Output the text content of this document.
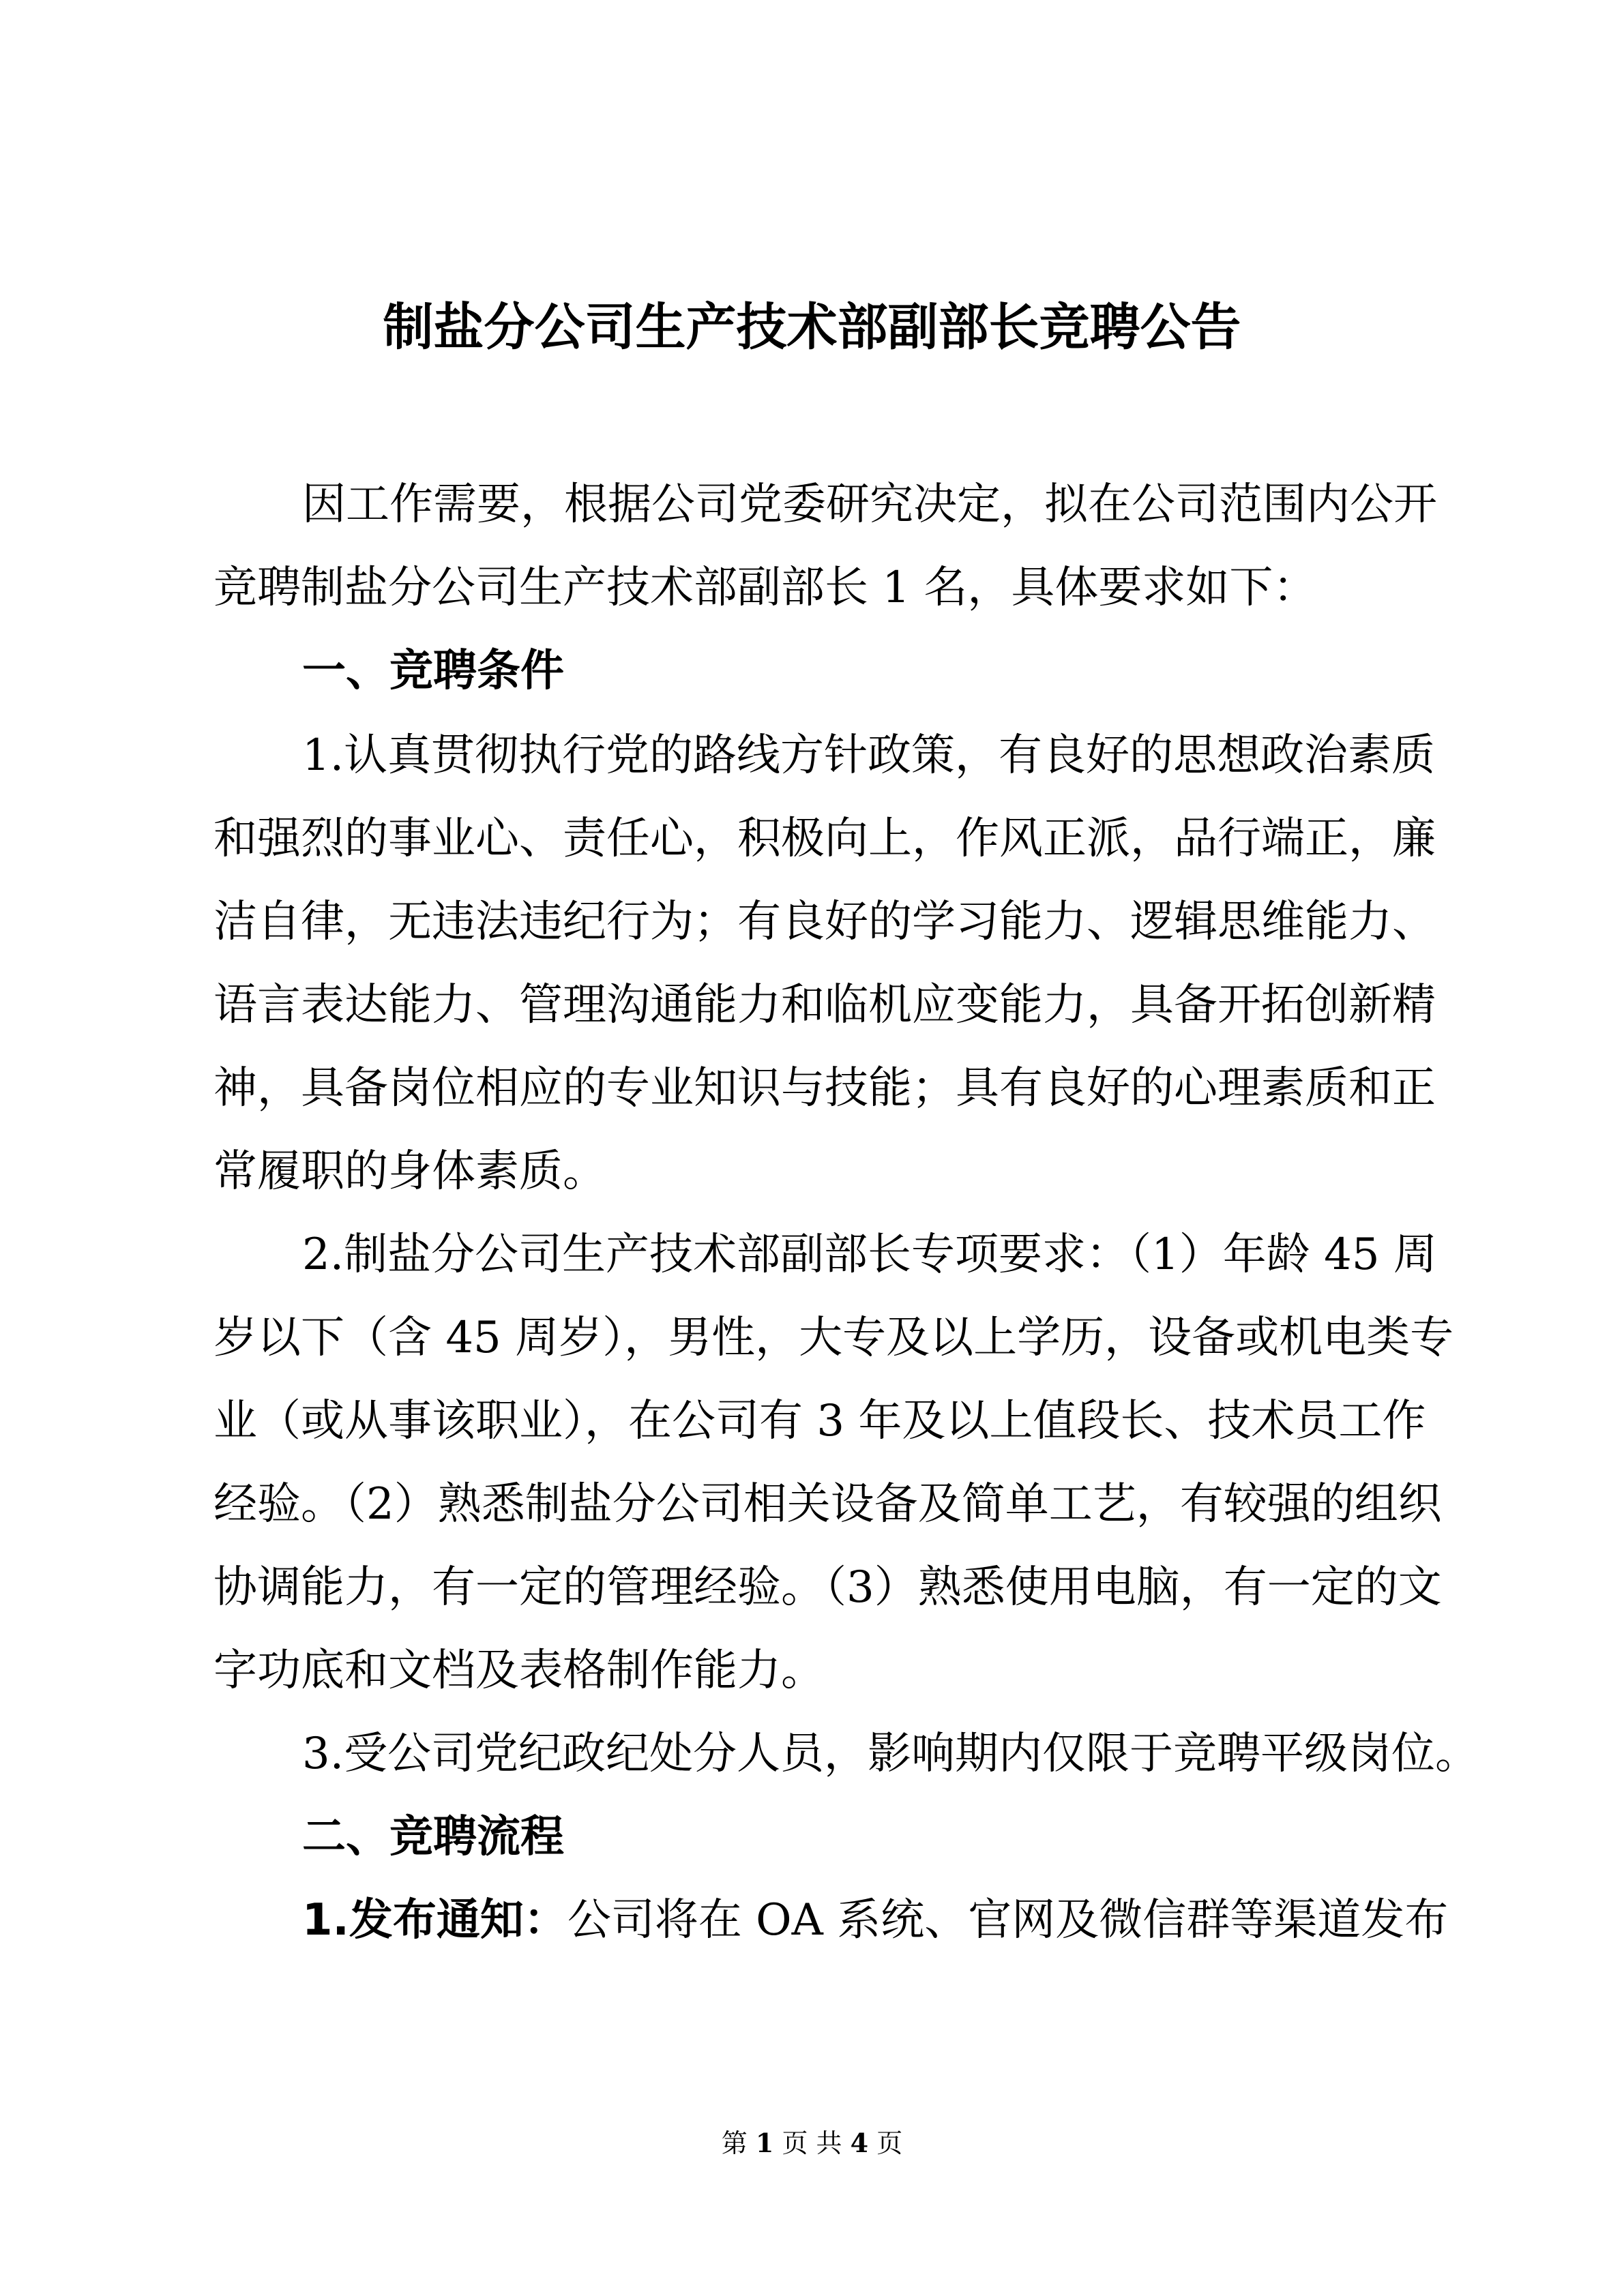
制盐分公司生产技术部副部长竞聘公告

因工作需要，根据公司党委研究决定，拟在公司范围内公开

竞聘制盐分公司生产技术部副部长 1 名，具体要求如下：

一、竞聘条件

1.认真贯彻执行党的路线方针政策，有良好的思想政治素质

和强烈的事业心、责任心，积极向上，作风正派，品行端正，廉

洁自律，无违法违纪行为；有良好的学习能力、逻辑思维能力、

语言表达能力、管理沟通能力和临机应变能力，具备开拓创新精

神，具备岗位相应的专业知识与技能；具有良好的心理素质和正

常履职的身体素质。

2.制盐分公司生产技术部副部长专项要求：（1）年龄 45 周

岁以下（含 45 周岁），男性，大专及以上学历，设备或机电类专

业（或从事该职业），在公司有 3 年及以上值段长、技术员工作

经验。（2）熟悉制盐分公司相关设备及简单工艺，有较强的组织

协调能力，有一定的管理经验。（3）熟悉使用电脑，有一定的文

字功底和文档及表格制作能力。

3.受公司党纪政纪处分人员，影响期内仅限于竞聘平级岗位。

二、竞聘流程

1.发布通知：公司将在 OA 系统、官网及微信群等渠道发布

第 1 页 共 4 页
